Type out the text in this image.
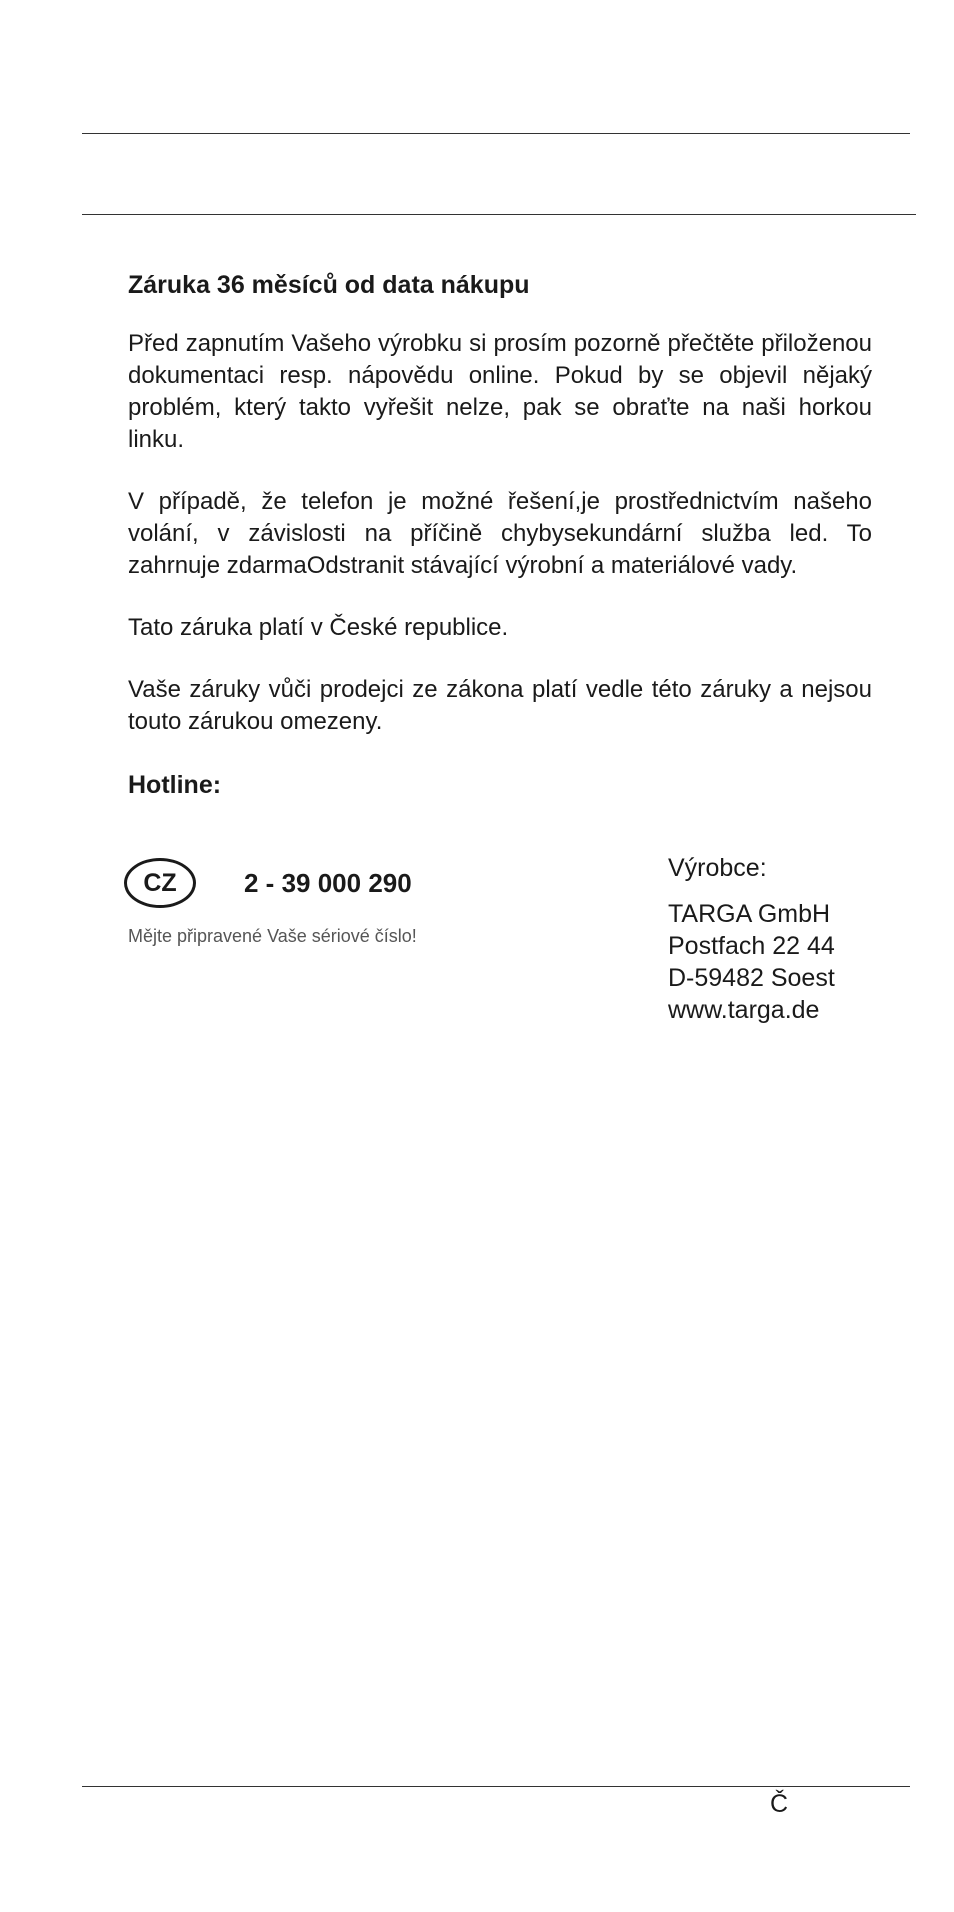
Záruka 36 měsíců od data nákupu

Před zapnutím Vašeho výrobku si prosím pozorně přečtěte přiloženou dokumentaci resp. nápovědu online. Pokud by se objevil nějaký problém, který takto vyřešit nelze, pak se obraťte na naši horkou linku.

V případě, že telefon je možné řešení,je prostřednictvím našeho volání, v závislosti na příčině chybysekundární služba led. To zahrnuje zdarmaOdstranit stávající výrobní a materiálové vady.

Tato záruka platí v České republice.

Vaše záruky vůči prodejci ze zákona platí vedle této záruky a nejsou touto zárukou omezeny.

Hotline:
CZ	2 - 39 000 290
Mějte připravené Vaše sériové číslo!
Výrobce:
TARGA GmbH
Postfach 22 44
D-59482 Soest
www.targa.de
Č
